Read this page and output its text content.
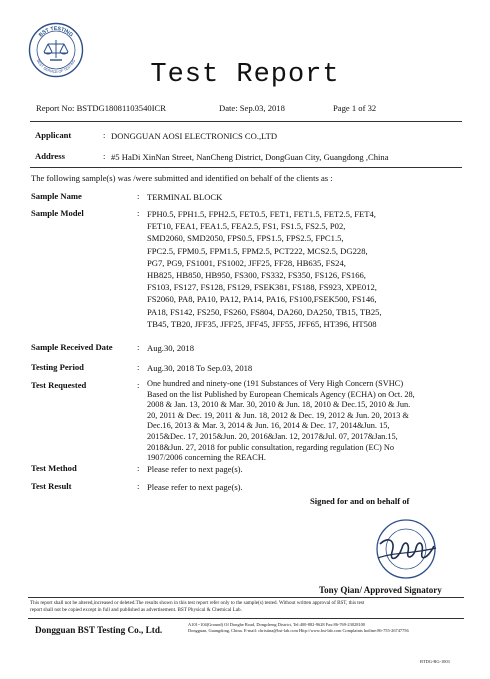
BST TESTING
BEST SERVICE OF TESTING	Test Report
Report No: BSTDG18081103540ICR	Date: Sep.03, 2018	Page 1 of 32
Applicant	: DONGGUAN AOSI ELECTRONICS CO.,LTD
Address	: #5 HaDi XinNan Street, NanCheng District, DongGuan City, Guangdong ,China
The following sample(s) was /were submitted and identified on behalf of the clients as :
Sample Name	: TERMINAL BLOCK
Sample Model	: FPH0.5, FPH1.5, FPH2.5, FET0.5, FET1, FET1.5, FET2.5, FET4,
FET10, FEA1, FEA1.5, FEA2.5, FS1, FS1.5, FS2.5, P02,
SMD2060, SMD2050, FPS0.5, FPS1.5, FPS2.5, FPC1.5,
FPC2.5, FPM0.5, FPM1.5, FPM2.5, PCT222, MCS2.5, DG228,
PG7, PG9, FS1001, FS1002, JFF25, FF28, HB635, FS24,
HB825, HB850, HB950, FS300, FS332, FS350, FS126, FS166,
FS103, FS127, FS128, FS129, FSEK381, FS188, FS923, XPE012,
FS2060, PA8, PA10, PA12, PA14, PA16, FS100,FSEK500, FS146,
PA18, FS142, FS250, FS260, FS804, DA260, DA250, TB15, TB25,
TB45, TB20, JFF35, JFF25, JFF45, JFF55, JFF65, HT396, HT508
Sample Received Date	: Aug.30, 2018
Testing Period	: Aug.30, 2018 To Sep.03, 2018
Test Requested	: One hundred and ninety-one (191 Substances of Very High Concern (SVHC)
Based on the list Published by European Chemicals Agency (ECHA) on Oct. 28,
2008 & Jan. 13, 2010 & Mar. 30, 2010 & Jun. 18, 2010 & Dec.15, 2010 & Jun.
20, 2011 & Dec. 19, 2011 & Jun. 18, 2012 & Dec. 19, 2012 & Jun. 20, 2013 &
Dec.16, 2013 & Mar. 3, 2014 & Jun. 16, 2014 & Dec. 17, 2014&Jun. 15,
2015&Dec. 17, 2015&Jun. 20, 2016&Jan. 12, 2017&Jul. 07, 2017&Jan.15,
2018&Jun. 27, 2018 for public consultation, regarding regulation (EC) No
1907/2006 concerning the REACH.
Test Method	: Please refer to next page(s).
Test Result	: Please refer to next page(s).
Signed for and on behalf of
Tony Qian/ Approved Signatory
This report shall not be altered,increased or deleted.The results shown in this test report refer only to the sample(s) tested. Without written approval of BST, this test
report shall not be copied except in full and published as advertisement. BST Physical & Chemical Lab.
Dongguan BST Testing Co., Ltd.
A101~104(Ground) Of Donghe Road, Dongcheng District, Tel:400-882-9628 Fax:86-769-23028100
Dongguan, Guangdong, China. E-mail: christina@bst-lab.com Http://www.bst-lab.com Complaints hotline:86-755-26747756
BTDG-RG-1003
